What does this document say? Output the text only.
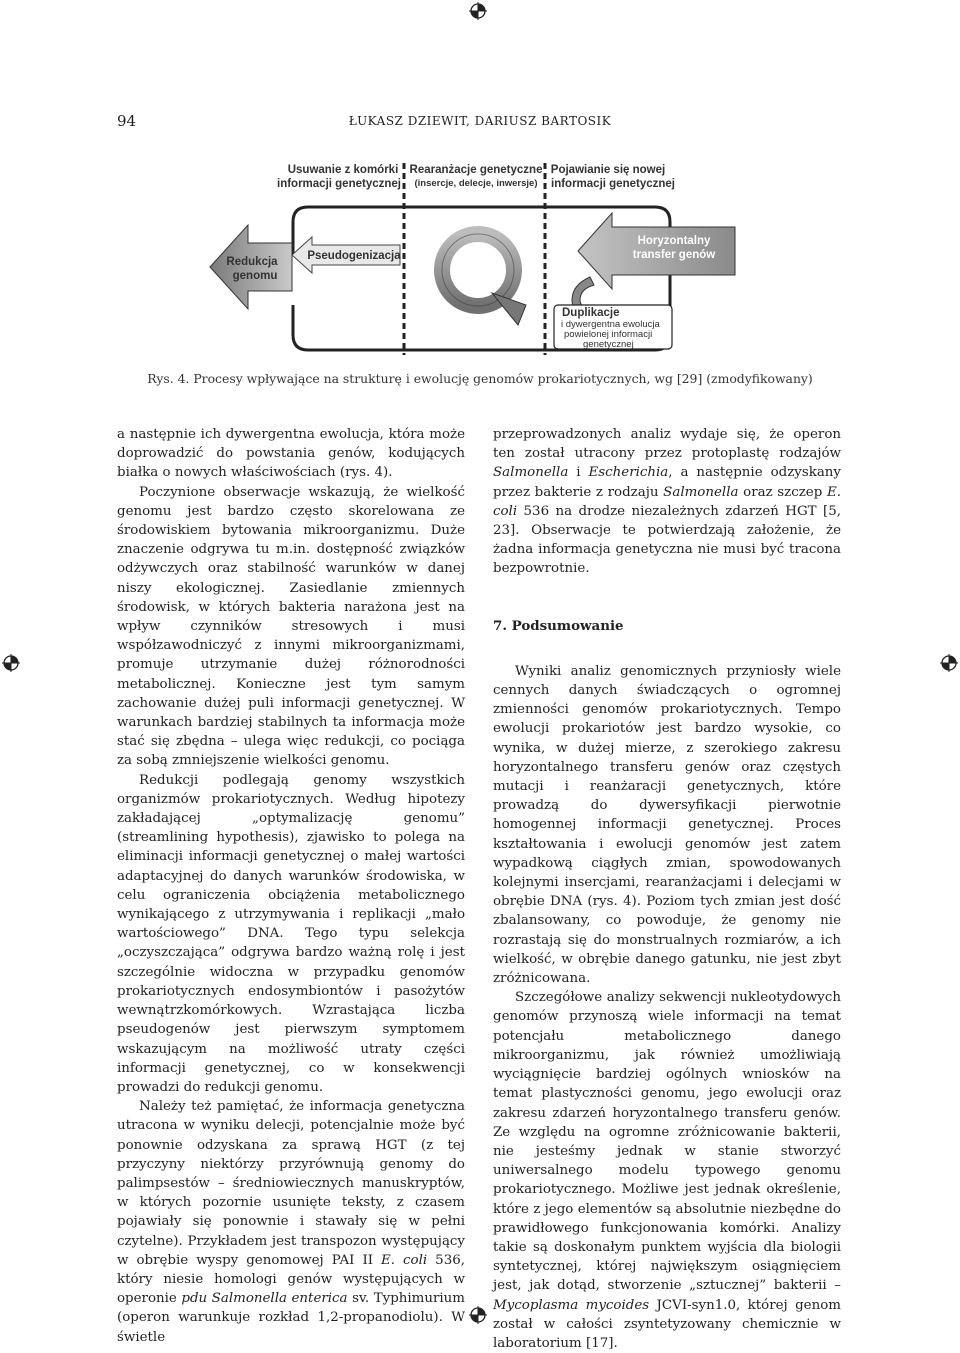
94	ŁUKASZ DZIEWIT, DARIUSZ BARTOSIK
Usuwanie z komórki
informacji genetycznej
Rearanżacje genetyczne
(insercje, delecje, inwersje)
Pojawianie się nowej
informacji genetycznej
Redukcja
genomu
Pseudogenizacja
Horyzontalny
transfer genów
Duplikacje
i dywergentna ewolucja
powielonej informacji
genetycznej
Rys. 4. Procesy wpływające na strukturę i ewolucję genomów prokariotycznych, wg [29] (zmodyfikowany)

a następnie ich dywergentna ewolucja, która może doprowadzić do powstania genów, kodujących białka o nowych właściwościach (rys. 4).

Poczynione obserwacje wskazują, że wielkość genomu jest bardzo często skorelowana ze środowiskiem bytowania mikroorganizmu. Duże znaczenie odgrywa tu m.in. dostępność związków odżywczych oraz stabilność warunków w danej niszy ekologicznej. Zasiedlanie zmiennych środowisk, w których bakteria narażona jest na wpływ czynników stresowych i musi współzawodniczyć z innymi mikroorganizmami, promuje utrzymanie dużej różnorodności metabolicznej. Konieczne jest tym samym zachowanie dużej puli informacji genetycznej. W warunkach bardziej stabilnych ta informacja może stać się zbędna – ulega więc redukcji, co pociąga za sobą zmniejszenie wielkości genomu.

Redukcji podlegają genomy wszystkich organizmów prokariotycznych. Według hipotezy zakładającej „optymalizację genomu” (streamlining hypothesis), zjawisko to polega na eliminacji informacji genetycznej o małej wartości adaptacyjnej do danych warunków środowiska, w celu ograniczenia obciążenia metabolicznego wynikającego z utrzymywania i replikacji „mało wartościowego” DNA. Tego typu selekcja „oczyszczająca” odgrywa bardzo ważną rolę i jest szczególnie widoczna w przypadku genomów prokariotycznych endosymbiontów i pasożytów wewnątrzkomórkowych. Wzrastająca liczba pseudogenów jest pierwszym symptomem wskazującym na możliwość utraty części informacji genetycznej, co w konsekwencji prowadzi do redukcji genomu.

Należy też pamiętać, że informacja genetyczna utracona w wyniku delecji, potencjalnie może być ponownie odzyskana za sprawą HGT (z tej przyczyny niektórzy przyrównują genomy do palimpsestów – średniowiecznych manuskryptów, w których pozornie usunięte teksty, z czasem pojawiały się ponownie i stawały się w pełni czytelne). Przykładem jest transpozon występujący w obrębie wyspy genomowej PAI II E. coli 536, który niesie homologi genów występujących w operonie pdu Salmonella enterica sv. Typhimurium (operon warunkuje rozkład 1,2-propanodiolu). W świetle

przeprowadzonych analiz wydaje się, że operon ten został utracony przez protoplastę rodzajów Salmonella i Escherichia, a następnie odzyskany przez bakterie z rodzaju Salmonella oraz szczep E. coli 536 na drodze niezależnych zdarzeń HGT [5, 23]. Obserwacje te potwierdzają założenie, że żadna informacja genetyczna nie musi być tracona bezpowrotnie.

7. Podsumowanie

Wyniki analiz genomicznych przyniosły wiele cennych danych świadczących o ogromnej zmienności genomów prokariotycznych. Tempo ewolucji prokariotów jest bardzo wysokie, co wynika, w dużej mierze, z szerokiego zakresu horyzontalnego transferu genów oraz częstych mutacji i reanżaracji genetycznych, które prowadzą do dywersyfikacji pierwotnie homogennej informacji genetycznej. Proces kształtowania i ewolucji genomów jest zatem wypadkową ciągłych zmian, spowodowanych kolejnymi insercjami, rearanżacjami i delecjami w obrębie DNA (rys. 4). Poziom tych zmian jest dość zbalansowany, co powoduje, że genomy nie rozrastają się do monstrualnych rozmiarów, a ich wielkość, w obrębie danego gatunku, nie jest zbyt zróżnicowana.

Szczegółowe analizy sekwencji nukleotydowych genomów przynoszą wiele informacji na temat potencjału metabolicznego danego mikroorganizmu, jak również umożliwiają wyciągnięcie bardziej ogólnych wniosków na temat plastyczności genomu, jego ewolucji oraz zakresu zdarzeń horyzontalnego transferu genów. Ze względu na ogromne zróżnicowanie bakterii, nie jesteśmy jednak w stanie stworzyć uniwersalnego modelu typowego genomu prokariotycznego. Możliwe jest jednak określenie, które z jego elementów są absolutnie niezbędne do prawidłowego funkcjonowania komórki. Analizy takie są doskonałym punktem wyjścia dla biologii syntetycznej, której największym osiągnięciem jest, jak dotąd, stworzenie „sztucznej” bakterii – Mycoplasma mycoides JCVI-syn1.0, której genom został w całości zsyntetyzowany chemicznie w laboratorium [17].
